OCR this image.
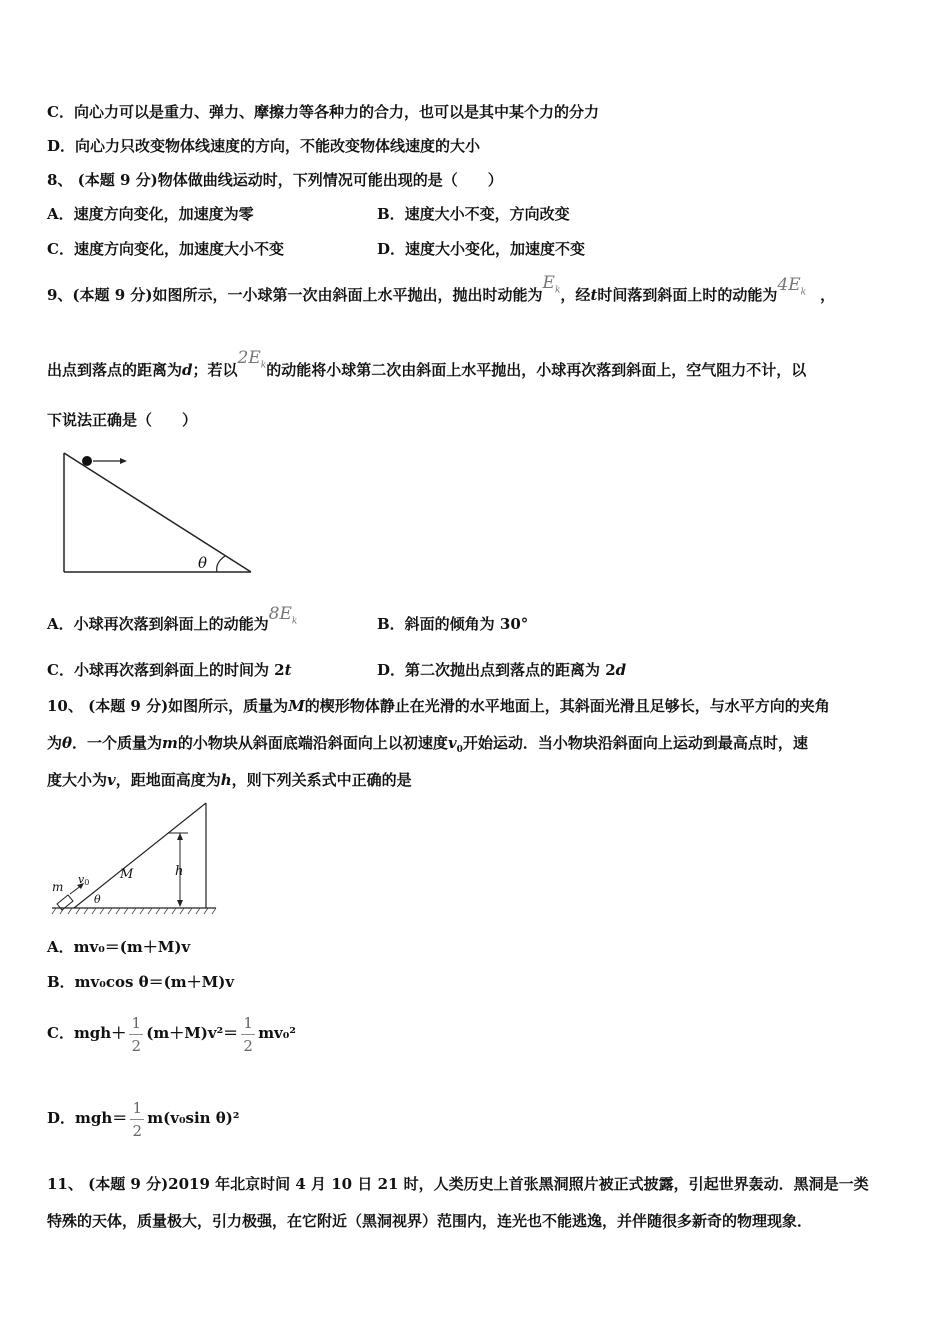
C．向心力可以是重力、弹力、摩擦力等各种力的合力，也可以是其中某个力的分力
D．向心力只改变物体线速度的方向，不能改变物体线速度的大小
8、 (本题 9 分)物体做曲线运动时，下列情况可能出现的是（　　）
A．速度方向变化，加速度为零	B．速度大小不变，方向改变
C．速度方向变化，加速度大小不变	D．速度大小变化，加速度不变
9、(本题 9 分)如图所示，一小球第一次由斜面上水平抛出，抛出时动能为$E_k$，经t时间落到斜面上时的动能为$4E_k$ ，
出点到落点的距离为d；若以$2E_k$的动能将小球第二次由斜面上水平抛出，小球再次落到斜面上，空气阻力不计，以
下说法正确是（　　）
θ
A．小球再次落到斜面上的动能为$8E_k$	B．斜面的倾角为 30°
C．小球再次落到斜面上的时间为 2t	D．第二次抛出点到落点的距离为 2d
10、 (本题 9 分)如图所示，质量为M的楔形物体静止在光滑的水平地面上，其斜面光滑且足够长，与水平方向的夹角
为θ．一个质量为m的小物块从斜面底端沿斜面向上以初速度$v_0$开始运动．当小物块沿斜面向上运动到最高点时，速
度大小为v，距地面高度为h，则下列关系式中正确的是
h
M
m
v0
θ
A．mv₀＝(m＋M)v
B．mv₀cos θ＝(m＋M)v
C．$mgh+ \frac{1}{2} (m+M)v^2= \frac{1}{2} mv_0^2$
D．$mgh= \frac{1}{2} m(v_0\sin$ θ)²
11、 (本题 9 分)2019 年北京时间 4 月 10 日 21 时，人类历史上首张黑洞照片被正式披露，引起世界轰动．黑洞是一类
特殊的天体，质量极大，引力极强，在它附近（黑洞视界）范围内，连光也不能逃逸，并伴随很多新奇的物理现象．
